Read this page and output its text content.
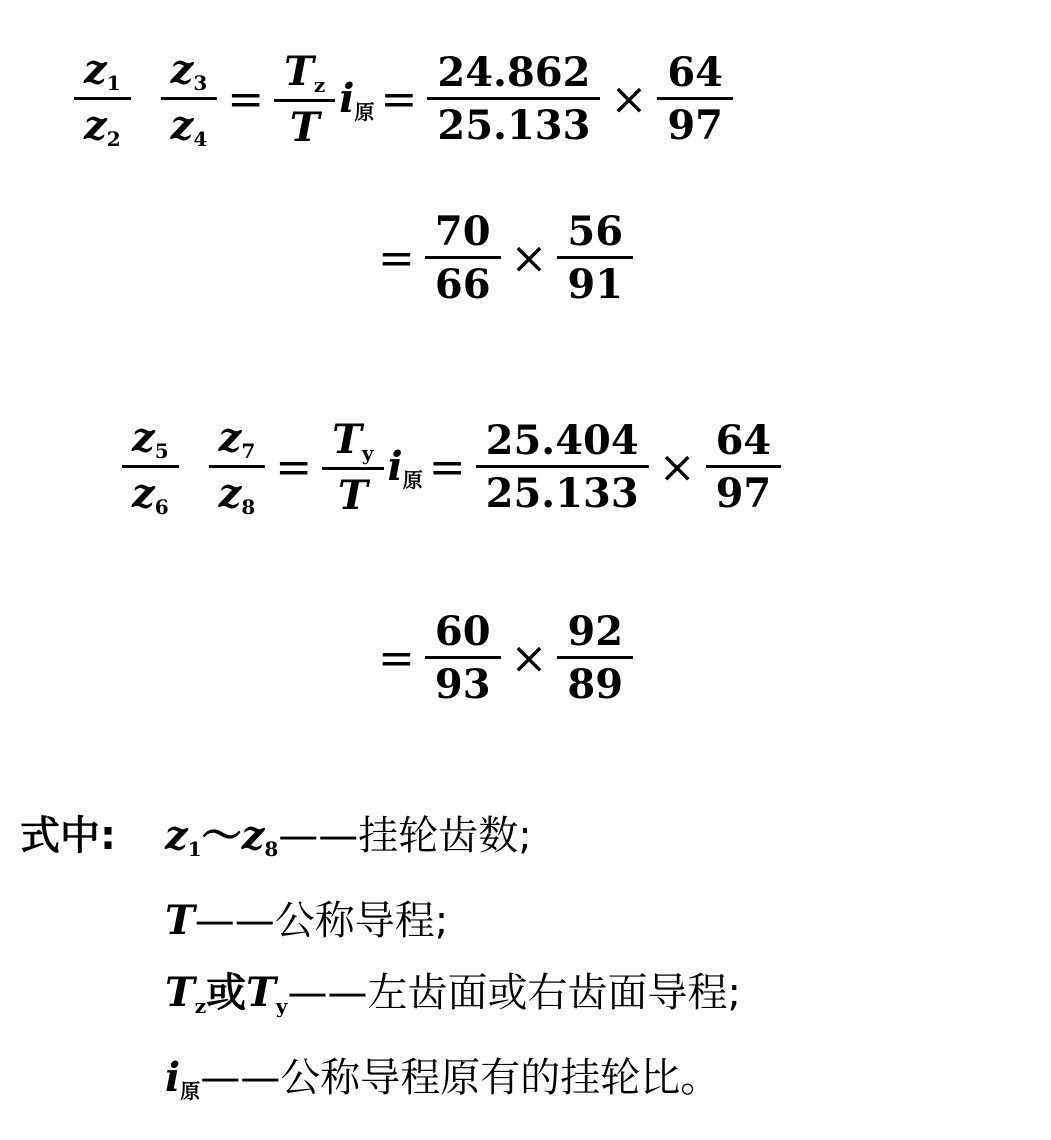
$\frac{z_1}{z_2} \frac{z_3}{z_4} = \frac{T_z}{T} i_原 = \frac{24.862}{25.133} \times \frac{64}{97}$
= $\frac{70}{66} \times \frac{56}{91}$
$\frac{z_5}{z_6} \frac{z_7}{z_8} = \frac{T_y}{T} i_原 = \frac{25.404}{25.133} \times \frac{64}{97}$
= $\frac{60}{93} \times \frac{92}{89}$
式中: $z_1\sim z_8——$挂轮齿数;
T——公称导程;
$T_z$或$T_y——$左齿面或右齿面导程;
$i_原——$公称导程原有的挂轮比。
